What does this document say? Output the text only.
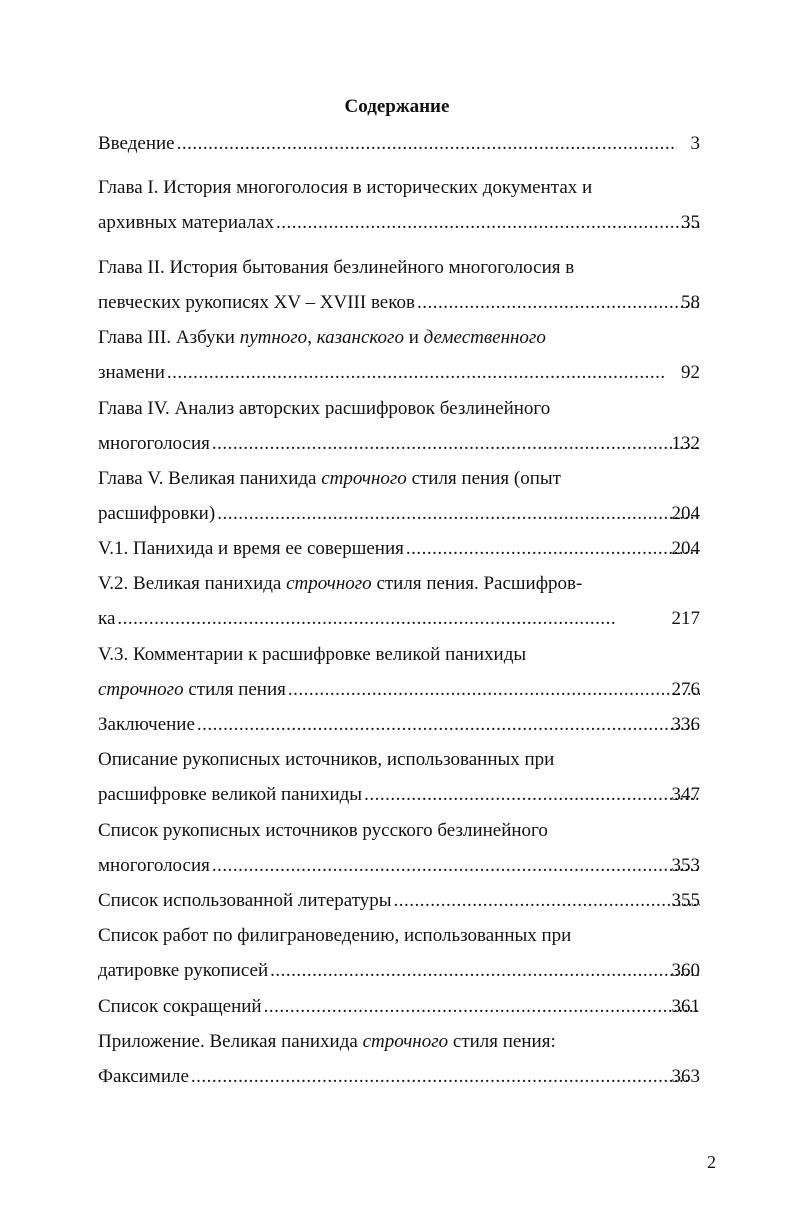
Содержание
Введение .....	3
Глава I. История многоголосия в исторических документах и
архивных материалах .....	35
Глава II. История бытования безлинейного многоголосия в
певческих рукописях XV – XVIII веков .....	58
Глава III. Азбуки путного, казанского и демественного
знамени .....	92
Глава IV. Анализ авторских расшифровок безлинейного
многоголосия .....	132
Глава V. Великая панихида строчного стиля пения (опыт
расшифровки) .....	204
V.1. Панихида и время ее совершения .....	204
V.2. Великая панихида строчного стиля пения. Расшифров-
ка .....	217
V.3. Комментарии к расшифровке великой панихиды
строчного стиля пения .....	276
Заключение .....	336
Описание рукописных источников, использованных при
расшифровке великой панихиды .....	347
Список рукописных источников русского безлинейного
многоголосия .....	353
Список использованной литературы .....	355
Список работ по филиграноведению, использованных при
датировке рукописей .....	360
Список сокращений .....	361
Приложение. Великая панихида строчного стиля пения:
Факсимиле .....	363
2
